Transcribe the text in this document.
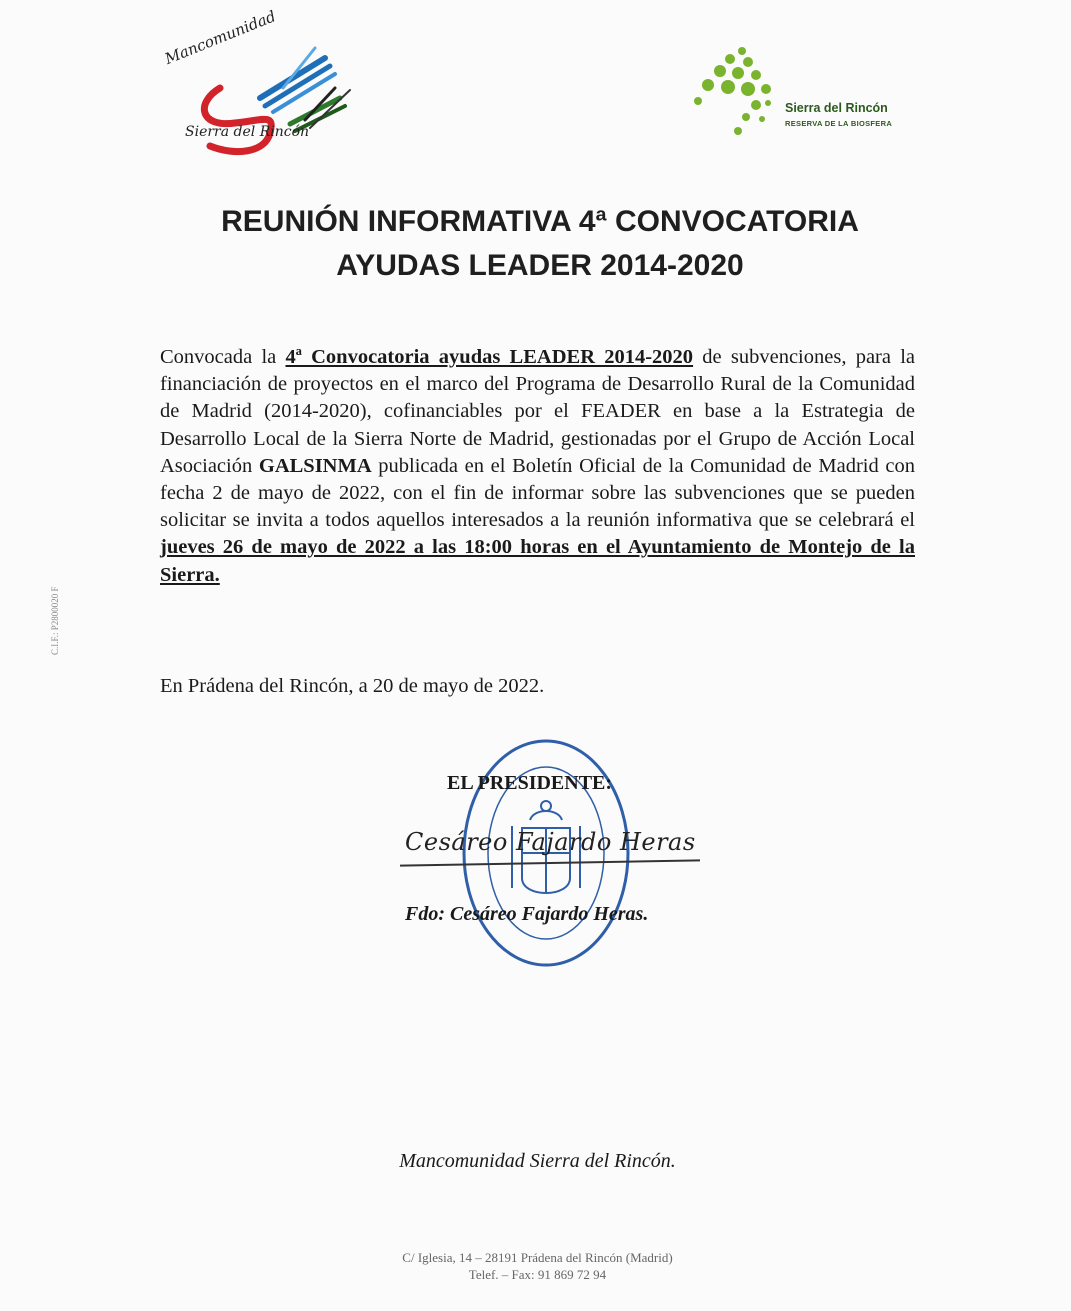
Mancomunidad
Sierra del Rincón
Sierra del Rincón
RESERVA DE LA BIOSFERA
REUNIÓN INFORMATIVA 4ª CONVOCATORIA
AYUDAS LEADER 2014-2020
Convocada la 4ª Convocatoria ayudas LEADER 2014-2020 de subvenciones, para la financiación de proyectos en el marco del Programa de Desarrollo Rural de la Comunidad de Madrid (2014-2020), cofinanciables por el FEADER en base a la Estrategia de Desarrollo Local de la Sierra Norte de Madrid, gestionadas por el Grupo de Acción Local Asociación GALSINMA publicada en el Boletín Oficial de la Comunidad de Madrid con fecha 2 de mayo de 2022, con el fin de informar sobre las subvenciones que se pueden solicitar se invita a todos aquellos interesados a la reunión informativa que se celebrará el jueves 26 de mayo de 2022 a las 18:00 horas en el Ayuntamiento de Montejo de la Sierra.
En Prádena del Rincón, a 20 de mayo de 2022.
EL PRESIDENTE:
Cesáreo Fajardo Heras
Fdo: Cesáreo Fajardo Heras.
Mancomunidad Sierra del Rincón.
C/ Iglesia, 14 – 28191 Prádena del Rincón (Madrid)
Telef. – Fax: 91 869 72 94
C.I.F.: P2800020 F
